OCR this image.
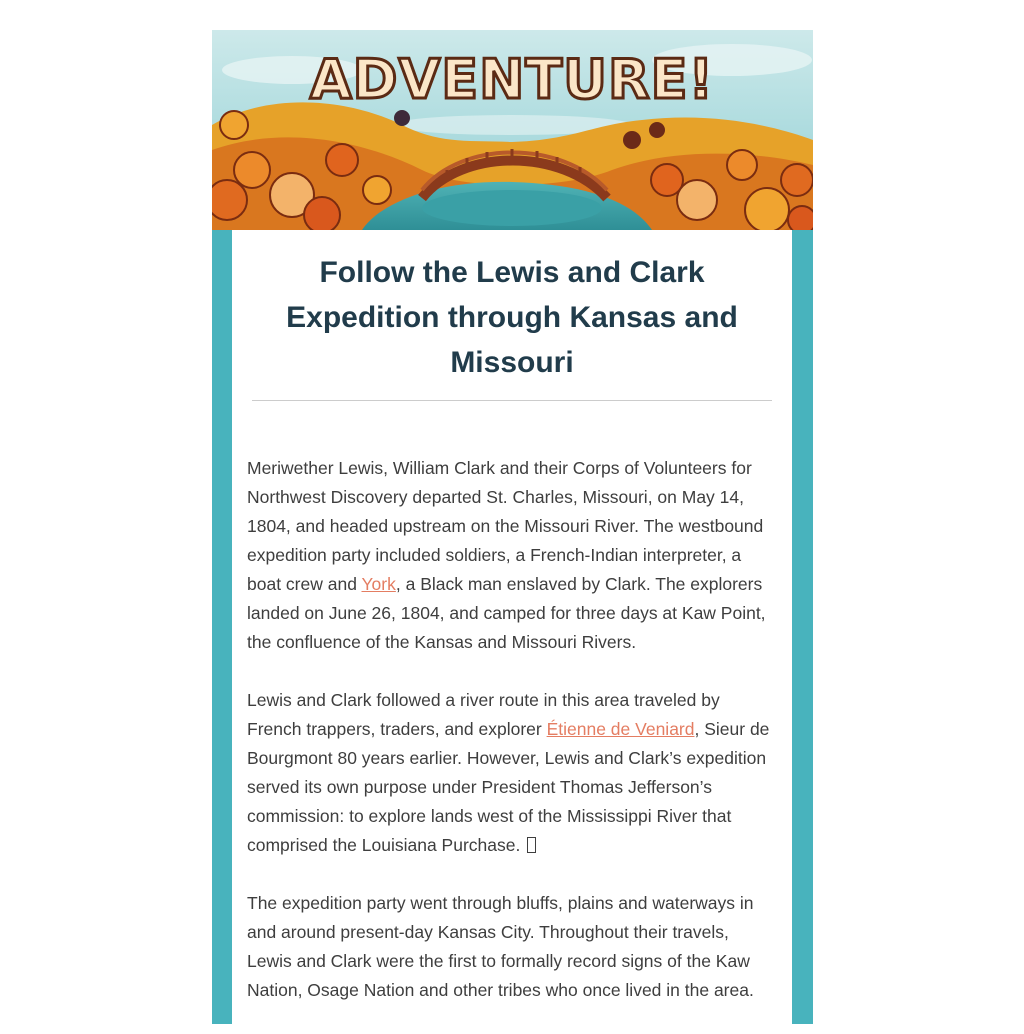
ADVENTURE!
Follow the Lewis and Clark Expedition through Kansas and Missouri

Meriwether Lewis, William Clark and their Corps of Volunteers for Northwest Discovery departed St. Charles, Missouri, on May 14, 1804, and headed upstream on the Missouri River. The westbound expedition party included soldiers, a French-Indian interpreter, a boat crew and York, a Black man enslaved by Clark. The explorers landed on June 26, 1804, and camped for three days at Kaw Point, the confluence of the Kansas and Missouri Rivers.

Lewis and Clark followed a river route in this area traveled by French trappers, traders, and explorer Étienne de Veniard, Sieur de Bourgmont 80 years earlier. However, Lewis and Clark’s expedition served its own purpose under President Thomas Jefferson’s commission: to explore lands west of the Mississippi River that comprised the Louisiana Purchase.

The expedition party went through bluffs, plains and waterways in and around present-day Kansas City. Throughout their travels, Lewis and Clark were the first to formally record signs of the Kaw Nation, Osage Nation and other tribes who once lived in the area.
